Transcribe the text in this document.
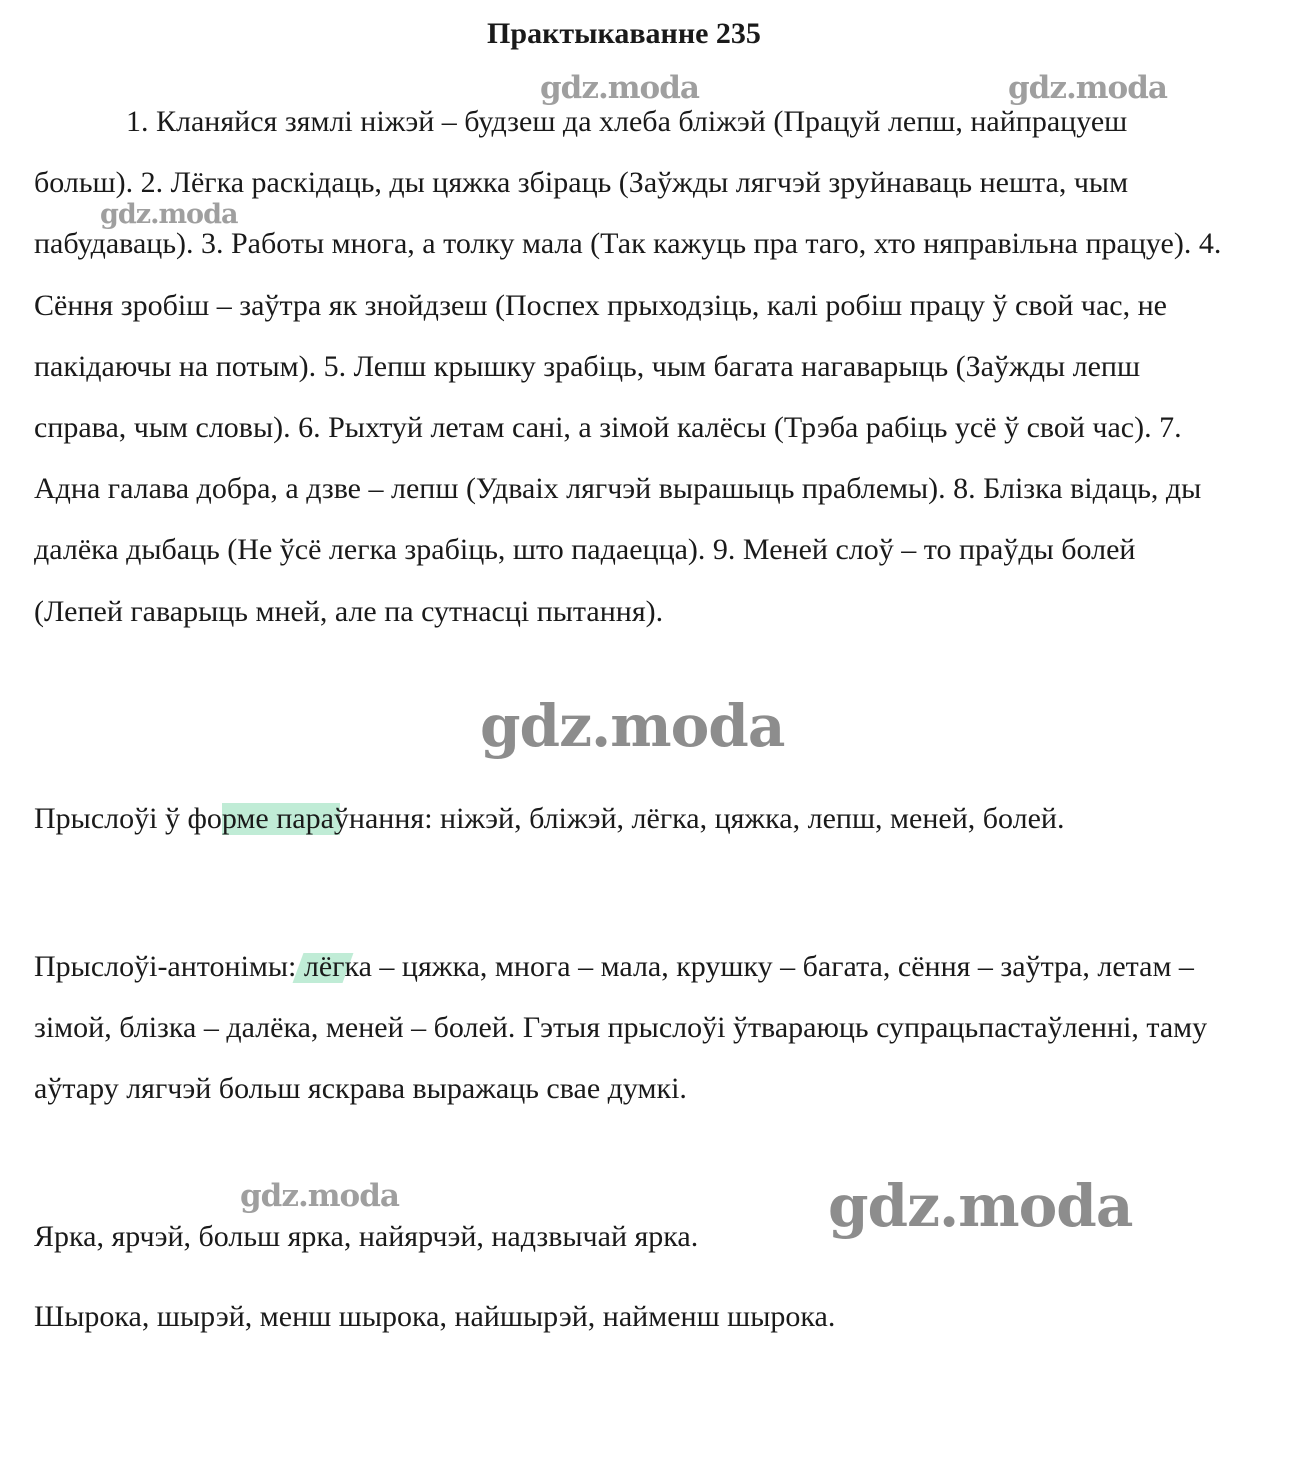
Практыкаванне 235

1. Кланяйся зямлі ніжэй – будзеш да хлеба бліжэй (Працуй лепш, найпрацуеш больш). 2. Лёгка раскідаць, ды цяжка збіраць (Заўжды лягчэй зруйнаваць нешта, чым пабудаваць). 3. Работы многа, а толку мала (Так кажуць пра таго, хто няправільна працуе). 4. Сёння зробіш – заўтра як знойдзеш (Поспех прыходзіць, калі робіш працу ў свой час, не пакідаючы на потым). 5. Лепш крышку зрабіць, чым багата нагаварыць (Заўжды лепш справа, чым словы). 6. Рыхтуй летам сані, а зімой калёсы (Трэба рабіць усё ў свой час). 7. Адна галава добра, а дзве – лепш (Удваіх лягчэй вырашыць праблемы). 8. Блізка відаць, ды далёка дыбаць (Не ўсё легка зрабіць, што падаецца). 9. Меней слоў – то праўды болей (Лепей гаварыць мней, але па сутнасці пытання).

Прыслоўі ў форме параўнання: ніжэй, бліжэй, лёгка, цяжка, лепш, меней, болей.

Прыслоўі-антонімы: лёгка – цяжка, многа – мала, крушку – багата, сёння – заўтра, летам – зімой, блізка – далёка, меней – болей. Гэтыя прыслоўі ўтвараюць супрацьпастаўленні, таму аўтару лягчэй больш яскрава выражаць свае думкі.

Ярка, ярчэй, больш ярка, найярчэй, надзвычай ярка.

Шырока, шырэй, менш шырока, найшырэй, найменш шырока.

gdz.moda	gdz.moda
gdz.moda
gdz.moda
gdz.moda	gdz.moda
